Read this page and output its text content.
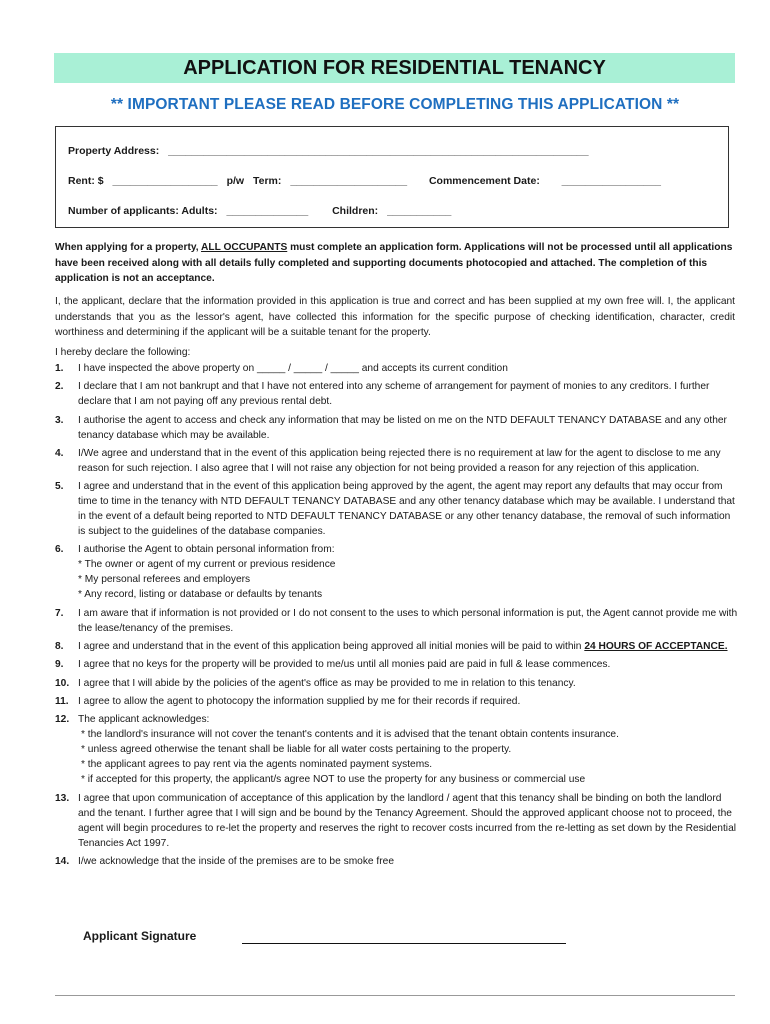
APPLICATION FOR RESIDENTIAL TENANCY
** IMPORTANT PLEASE READ BEFORE COMPLETING THIS APPLICATION **
Property Address: ________________________________________________________________________
Rent: $ __________________ p/w Term: ____________________ Commencement Date: _________________
Number of applicants: Adults: ______________ Children: ___________
When applying for a property, ALL OCCUPANTS must complete an application form. Applications will not be processed until all applications have been received along with all details fully completed and supporting documents photocopied and attached. The completion of this application is not an acceptance.
I, the applicant, declare that the information provided in this application is true and correct and has been supplied at my own free will. I, the applicant understands that you as the lessor's agent, have collected this information for the specific purpose of checking identification, character, credit worthiness and determining if the applicant will be a suitable tenant for the property.
I hereby declare the following:
1.	I have inspected the above property on _____ / _____ / _____ and accepts its current condition
2.	I declare that I am not bankrupt and that I have not entered into any scheme of arrangement for payment of monies to any creditors. I further declare that I am not paying off any previous rental debt.
3.	I authorise the agent to access and check any information that may be listed on me on the NTD DEFAULT TENANCY DATABASE and any other tenancy database which may be available.
4.	I/We agree and understand that in the event of this application being rejected there is no requirement at law for the agent to disclose to me any reason for such rejection. I also agree that I will not raise any objection for not being provided a reason for any rejection of this application.
5.	I agree and understand that in the event of this application being approved by the agent, the agent may report any defaults that may occur from time to time in the tenancy with NTD DEFAULT TENANCY DATABASE and any other tenancy database which may be available. I understand that in the event of a default being reported to NTD DEFAULT TENANCY DATABASE or any other tenancy database, the removal of such information is subject to the guidelines of the database companies.
6.	I authorise the Agent to obtain personal information from:
* The owner or agent of my current or previous residence
* My personal referees and employers
* Any record, listing or database or defaults by tenants
7.	I am aware that if information is not provided or I do not consent to the uses to which personal information is put, the Agent cannot provide me with the lease/tenancy of the premises.
8.	I agree and understand that in the event of this application being approved all initial monies will be paid to within 24 HOURS OF ACCEPTANCE.
9.	I agree that no keys for the property will be provided to me/us until all monies paid are paid in full & lease commences.
10. I agree that I will abide by the policies of the agent's office as may be provided to me in relation to this tenancy.
11. I agree to allow the agent to photocopy the information supplied by me for their records if required.
12. The applicant acknowledges:
* the landlord's insurance will not cover the tenant's contents and it is advised that the tenant obtain contents insurance.
* unless agreed otherwise the tenant shall be liable for all water costs pertaining to the property.
* the applicant agrees to pay rent via the agents nominated payment systems.
* if accepted for this property, the applicant/s agree NOT to use the property for any business or commercial use
13. I agree that upon communication of acceptance of this application by the landlord / agent that this tenancy shall be binding on both the landlord and the tenant. I further agree that I will sign and be bound by the Tenancy Agreement. Should the approved applicant choose not to proceed, the agent will begin procedures to re-let the property and reserves the right to recover costs incurred from the re-letting as set down by the Residential Tenancies Act 1997.
14. I/we acknowledge that the inside of the premises are to be smoke free
Applicant Signature
